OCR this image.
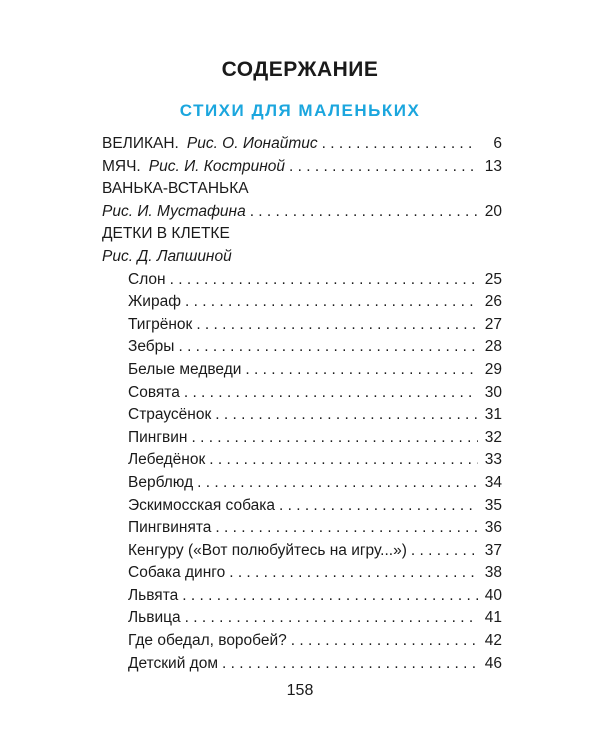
СОДЕРЖАНИЕ
СТИХИ ДЛЯ МАЛЕНЬКИХ
ВЕЛИКАН. Рис. О. Ионайтис . . .	6
МЯЧ. Рис. И. Костриной . . .	13
ВАНЬКА-ВСТАНЬКА
Рис. И. Мустафина . . .	20
ДЕТКИ В КЛЕТКЕ
Рис. Д. Лапшиной
Слон . . .	25
Жираф . . .	26
Тигрёнок . . .	27
Зебры . . .	28
Белые медведи . . .	29
Совята . . .	30
Страусёнок . . .	31
Пингвин . . .	32
Лебедёнок . . .	33
Верблюд . . .	34
Эскимосская собака . . .	35
Пингвинята . . .	36
Кенгуру («Вот полюбуйтесь на игру...») . . .	37
Собака динго . . .	38
Львята . . .	40
Львица . . .	41
Где обедал, воробей? . . .	42
Детский дом . . .	46
158
